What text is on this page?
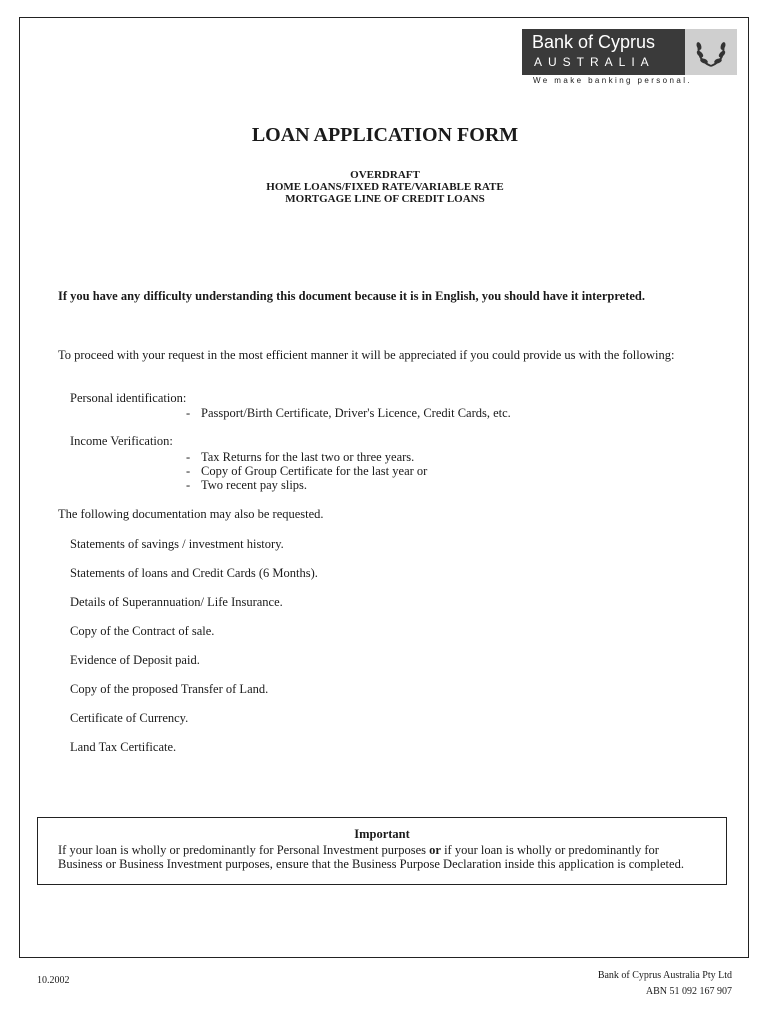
Bank of Cyprus
AUSTRALIA
We make banking personal.
LOAN APPLICATION FORM
OVERDRAFT
HOME LOANS/FIXED RATE/VARIABLE RATE
MORTGAGE LINE OF CREDIT LOANS
If you have any difficulty understanding this document because it is in English, you should have it interpreted.
To proceed with your request in the most efficient manner it will be appreciated if you could provide us with the following:
Personal identification:
- Passport/Birth Certificate, Driver's Licence, Credit Cards, etc.
Income Verification:
- Tax Returns for the last two or three years.
- Copy of Group Certificate for the last year or
- Two recent pay slips.
The following documentation may also be requested.
Statements of savings / investment history.
Statements of loans and Credit Cards (6 Months).
Details of Superannuation/ Life Insurance.
Copy of the Contract of sale.
Evidence of Deposit paid.
Copy of the proposed Transfer of Land.
Certificate of Currency.
Land Tax Certificate.
Important
If your loan is wholly or predominantly for Personal Investment purposes or if your loan is wholly or predominantly for
Business or Business Investment purposes, ensure that the Business Purpose Declaration inside this application is completed.
10.2002	Bank of Cyprus Australia Pty Ltd
ABN 51 092 167 907
